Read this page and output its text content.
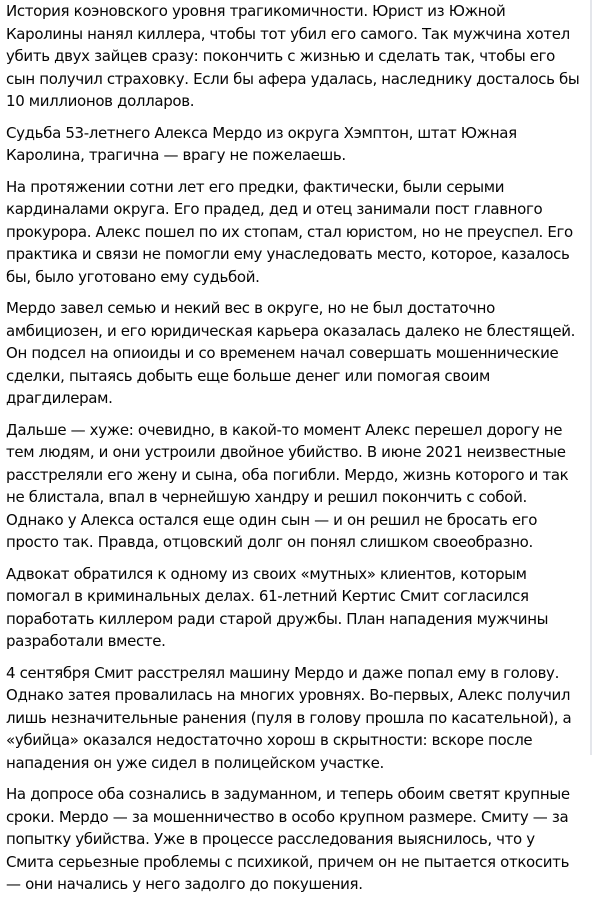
История коэновского уровня трагикомичности. Юрист из Южной Каролины нанял киллера, чтобы тот убил его самого. Так мужчина хотел убить двух зайцев сразу: покончить с жизнью и сделать так, чтобы его сын получил страховку. Если бы афера удалась, наследнику досталось бы 10 миллионов долларов.

Судьба 53-летнего Алекса Мердо из округа Хэмптон, штат Южная Каролина, трагична — врагу не пожелаешь.

На протяжении сотни лет его предки, фактически, были серыми кардиналами округа. Его прадед, дед и отец занимали пост главного прокурора. Алекс пошел по их стопам, стал юристом, но не преуспел. Его практика и связи не помогли ему унаследовать место, которое, казалось бы, было уготовано ему судьбой.

Мердо завел семью и некий вес в округе, но не был достаточно амбициозен, и его юридическая карьера оказалась далеко не блестящей. Он подсел на опиоиды и со временем начал совершать мошеннические сделки, пытаясь добыть еще больше денег или помогая своим драгдилерам.

Дальше — хуже: очевидно, в какой-то момент Алекс перешел дорогу не тем людям, и они устроили двойное убийство. В июне 2021 неизвестные расстреляли его жену и сына, оба погибли. Мердо, жизнь которого и так не блистала, впал в чернейшую хандру и решил покончить с собой. Однако у Алекса остался еще один сын — и он решил не бросать его просто так. Правда, отцовский долг он понял слишком своеобразно.

Адвокат обратился к одному из своих «мутных» клиентов, которым помогал в криминальных делах. 61-летний Кертис Смит согласился поработать киллером ради старой дружбы. План нападения мужчины разработали вместе.

4 сентября Смит расстрелял машину Мердо и даже попал ему в голову. Однако затея провалилась на многих уровнях. Во-первых, Алекс получил лишь незначительные ранения (пуля в голову прошла по касательной), а «убийца» оказался недостаточно хорош в скрытности: вскоре после нападения он уже сидел в полицейском участке.

На допросе оба сознались в задуманном, и теперь обоим светят крупные сроки. Мердо — за мошенничество в особо крупном размере. Смиту — за попытку убийства. Уже в процессе расследования выяснилось, что у Смита серьезные проблемы с психикой, причем он не пытается откосить — они начались у него задолго до покушения.
